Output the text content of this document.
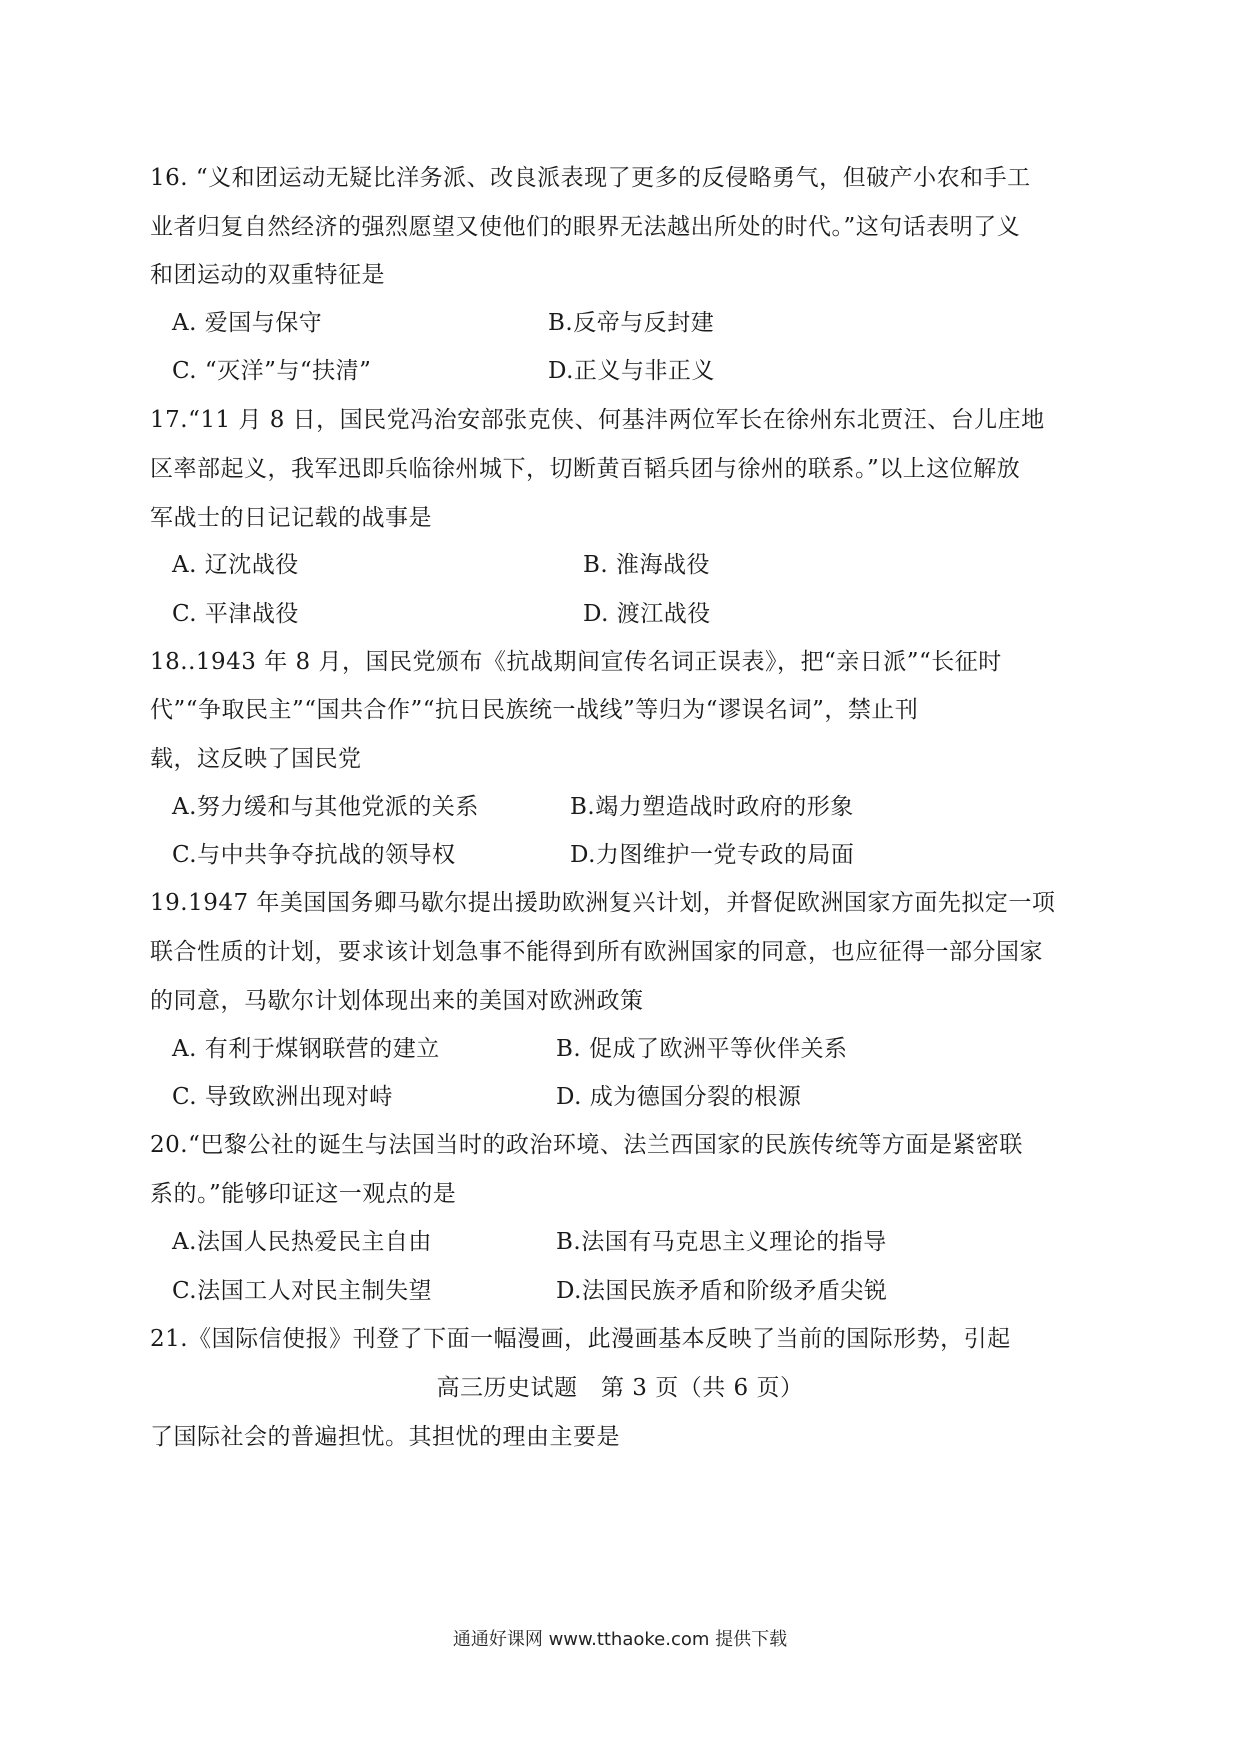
16. “义和团运动无疑比洋务派、改良派表现了更多的反侵略勇气，但破产小农和手工
业者归复自然经济的强烈愿望又使他们的眼界无法越出所处的时代。”这句话表明了义
和团运动的双重特征是
A. 爱国与保守	B.反帝与反封建
C. “灭洋”与“扶清”	D.正义与非正义
17.“11 月 8 日，国民党冯治安部张克侠、何基沣两位军长在徐州东北贾汪、台儿庄地
区率部起义，我军迅即兵临徐州城下，切断黄百韬兵团与徐州的联系。”以上这位解放
军战士的日记记载的战事是
A. 辽沈战役	B. 淮海战役
C. 平津战役	D. 渡江战役
18..1943 年 8 月，国民党颁布《抗战期间宣传名词正误表》，把“亲日派”“长征时
代”“争取民主”“国共合作”“抗日民族统一战线”等归为“谬误名词”，禁止刊
载，这反映了国民党
A.努力缓和与其他党派的关系	B.竭力塑造战时政府的形象
C.与中共争夺抗战的领导权	D.力图维护一党专政的局面
19.1947 年美国国务卿马歇尔提出援助欧洲复兴计划，并督促欧洲国家方面先拟定一项
联合性质的计划，要求该计划急事不能得到所有欧洲国家的同意，也应征得一部分国家
的同意，马歇尔计划体现出来的美国对欧洲政策
A. 有利于煤钢联营的建立	B. 促成了欧洲平等伙伴关系
C. 导致欧洲出现对峙	D. 成为德国分裂的根源
20.“巴黎公社的诞生与法国当时的政治环境、法兰西国家的民族传统等方面是紧密联
系的。”能够印证这一观点的是
A.法国人民热爱民主自由	B.法国有马克思主义理论的指导
C.法国工人对民主制失望	D.法国民族矛盾和阶级矛盾尖锐
21.《国际信使报》刊登了下面一幅漫画，此漫画基本反映了当前的国际形势，引起
高三历史试题　第 3 页（共 6 页）
了国际社会的普遍担忧。其担忧的理由主要是
通通好课网 www.tthaoke.com 提供下载
